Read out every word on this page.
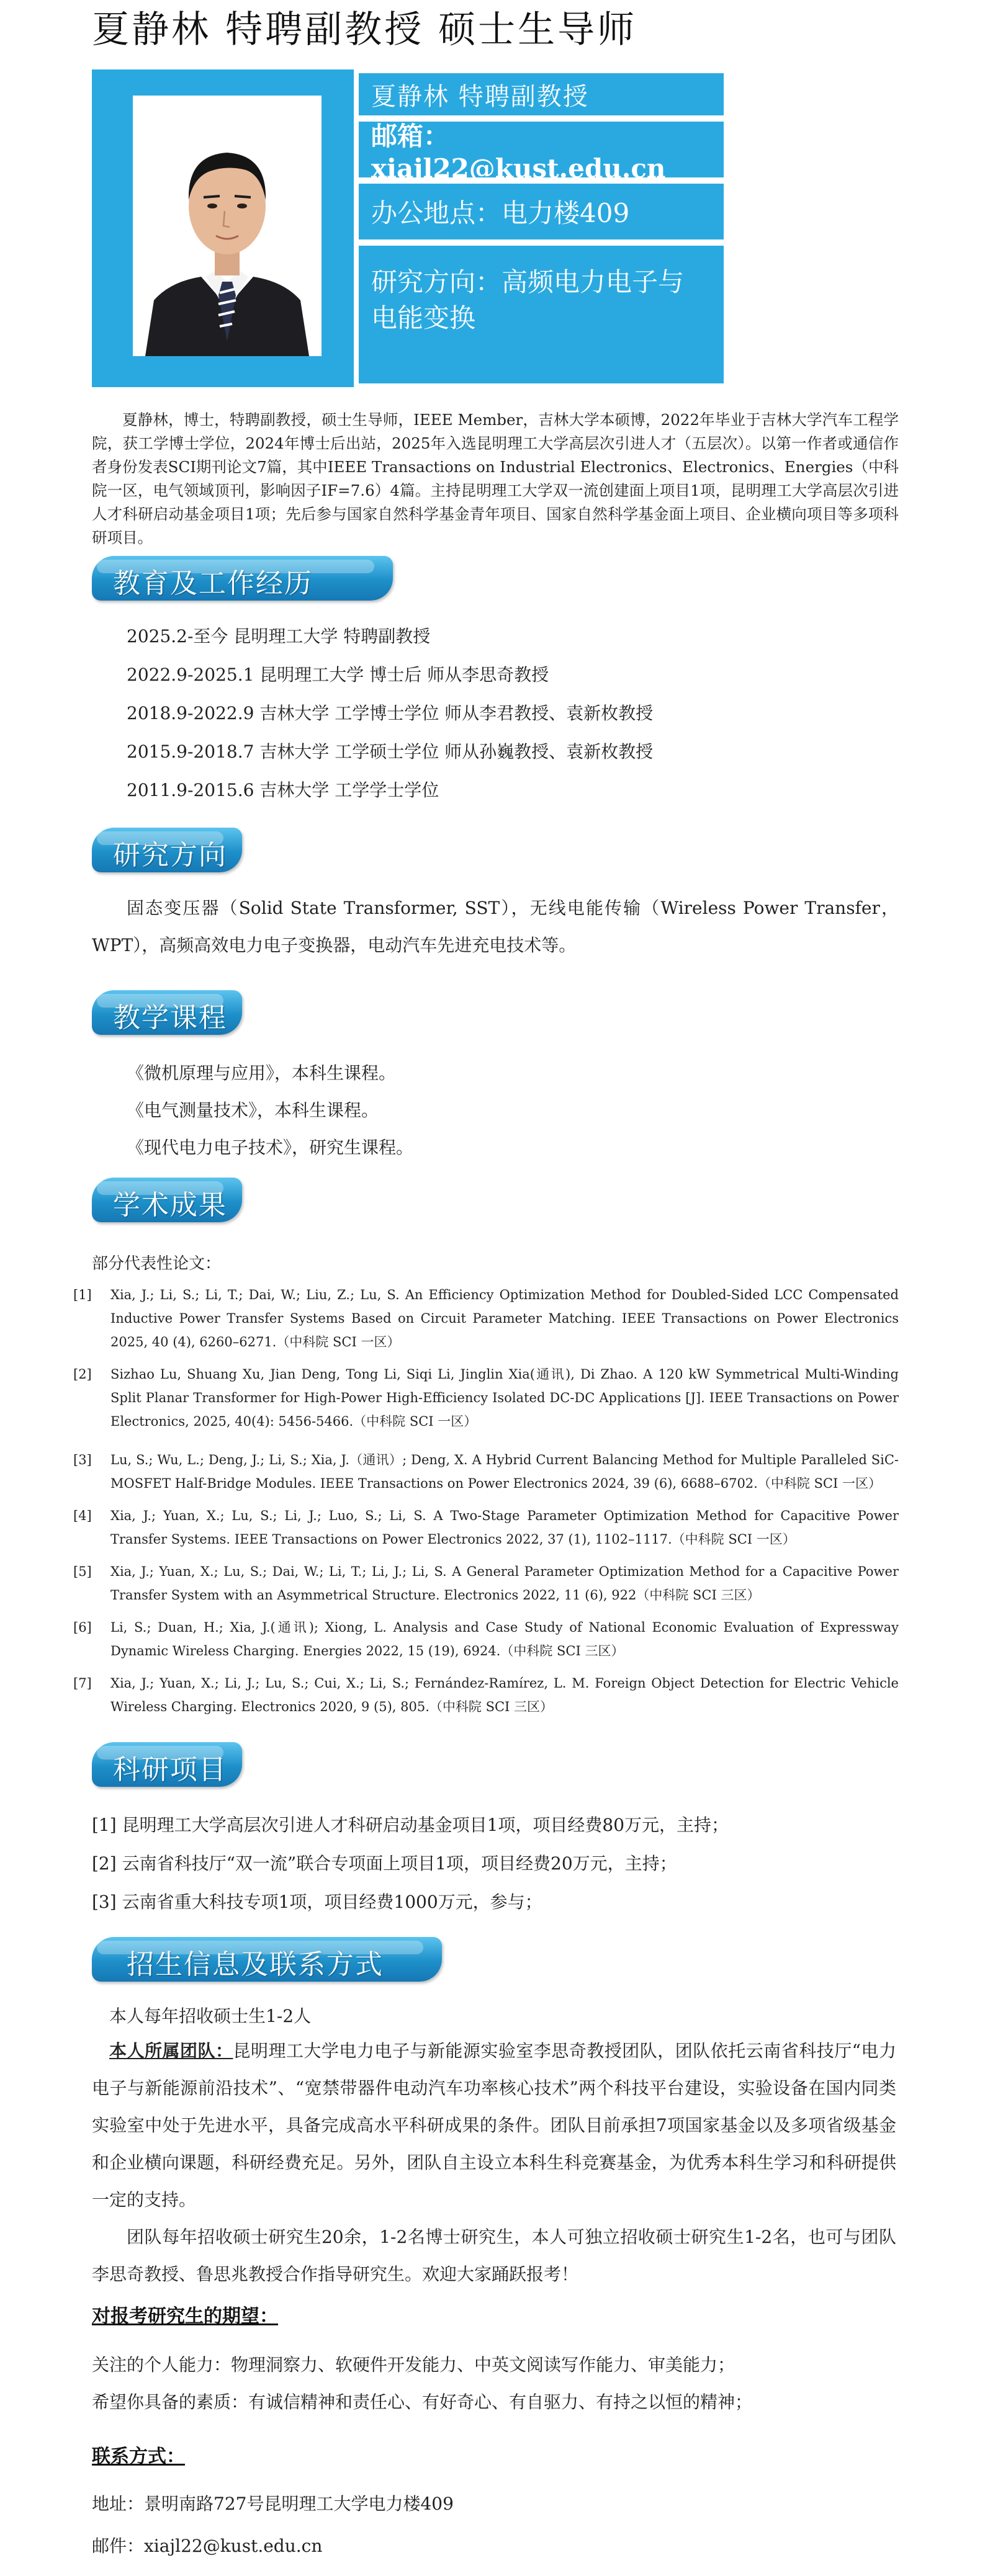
夏静林 特聘副教授 硕士生导师
夏静林 特聘副教授
邮箱：xiajl22@kust.edu.cn
办公地点：电力楼409
研究方向：高频电力电子与电能变换
夏静林，博士，特聘副教授，硕士生导师，IEEE Member，吉林大学本硕博，2022年毕业于吉林大学汽车工程学院，获工学博士学位，2024年博士后出站，2025年入选昆明理工大学高层次引进人才（五层次）。以第一作者或通信作者身份发表SCI期刊论文7篇，其中IEEE Transactions on Industrial Electronics、Electronics、Energies（中科院一区，电气领域顶刊，影响因子IF=7.6）4篇。主持昆明理工大学双一流创建面上项目1项，昆明理工大学高层次引进人才科研启动基金项目1项；先后参与国家自然科学基金青年项目、国家自然科学基金面上项目、企业横向项目等多项科研项目。
教育及工作经历
2025.2-至今 昆明理工大学 特聘副教授
2022.9-2025.1 昆明理工大学 博士后 师从李思奇教授
2018.9-2022.9 吉林大学 工学博士学位 师从李君教授、袁新枚教授
2015.9-2018.7 吉林大学 工学硕士学位 师从孙巍教授、袁新枚教授
2011.9-2015.6 吉林大学 工学学士学位
研究方向
固态变压器（Solid State Transformer, SST），无线电能传输（Wireless Power Transfer，WPT），高频高效电力电子变换器，电动汽车先进充电技术等。
教学课程
《微机原理与应用》，本科生课程。
《电气测量技术》，本科生课程。
《现代电力电子技术》，研究生课程。
学术成果
部分代表性论文：
[1] Xia, J.; Li, S.; Li, T.; Dai, W.; Liu, Z.; Lu, S. An Efficiency Optimization Method for Doubled-Sided LCC Compensated Inductive Power Transfer Systems Based on Circuit Parameter Matching. IEEE Transactions on Power Electronics 2025, 40 (4), 6260–6271.（中科院 SCI 一区）
[2] Sizhao Lu, Shuang Xu, Jian Deng, Tong Li, Siqi Li, Jinglin Xia(通讯), Di Zhao. A 120 kW Symmetrical Multi-Winding Split Planar Transformer for High-Power High-Efficiency Isolated DC-DC Applications [J]. IEEE Transactions on Power Electronics, 2025, 40(4): 5456-5466.（中科院 SCI 一区）
[3] Lu, S.; Wu, L.; Deng, J.; Li, S.; Xia, J.（通讯）; Deng, X. A Hybrid Current Balancing Method for Multiple Paralleled SiC-MOSFET Half-Bridge Modules. IEEE Transactions on Power Electronics 2024, 39 (6), 6688–6702.（中科院 SCI 一区）
[4] Xia, J.; Yuan, X.; Lu, S.; Li, J.; Luo, S.; Li, S. A Two-Stage Parameter Optimization Method for Capacitive Power Transfer Systems. IEEE Transactions on Power Electronics 2022, 37 (1), 1102–1117.（中科院 SCI 一区）
[5] Xia, J.; Yuan, X.; Lu, S.; Dai, W.; Li, T.; Li, J.; Li, S. A General Parameter Optimization Method for a Capacitive Power Transfer System with an Asymmetrical Structure. Electronics 2022, 11 (6), 922（中科院 SCI 三区）
[6] Li, S.; Duan, H.; Xia, J.(通讯); Xiong, L. Analysis and Case Study of National Economic Evaluation of Expressway Dynamic Wireless Charging. Energies 2022, 15 (19), 6924.（中科院 SCI 三区）
[7] Xia, J.; Yuan, X.; Li, J.; Lu, S.; Cui, X.; Li, S.; Fernández-Ramírez, L. M. Foreign Object Detection for Electric Vehicle Wireless Charging. Electronics 2020, 9 (5), 805.（中科院 SCI 三区）
科研项目
[1] 昆明理工大学高层次引进人才科研启动基金项目1项，项目经费80万元，主持；
[2] 云南省科技厅“双一流”联合专项面上项目1项，项目经费20万元，主持；
[3] 云南省重大科技专项1项，项目经费1000万元，参与；
招生信息及联系方式
本人每年招收硕士生1-2人
本人所属团队：昆明理工大学电力电子与新能源实验室李思奇教授团队，团队依托云南省科技厅“电力电子与新能源前沿技术”、“宽禁带器件电动汽车功率核心技术”两个科技平台建设，实验设备在国内同类实验室中处于先进水平，具备完成高水平科研成果的条件。团队目前承担7项国家基金以及多项省级基金和企业横向课题，科研经费充足。另外，团队自主设立本科生科竞赛基金，为优秀本科生学习和科研提供一定的支持。
团队每年招收硕士研究生20余，1-2名博士研究生，本人可独立招收硕士研究生1-2名，也可与团队李思奇教授、鲁思兆教授合作指导研究生。欢迎大家踊跃报考！
对报考研究生的期望：
关注的个人能力：物理洞察力、软硬件开发能力、中英文阅读写作能力、审美能力；
希望你具备的素质：有诚信精神和责任心、有好奇心、有自驱力、有持之以恒的精神；
联系方式：
地址：景明南路727号昆明理工大学电力楼409
邮件：xiajl22@kust.edu.cn
